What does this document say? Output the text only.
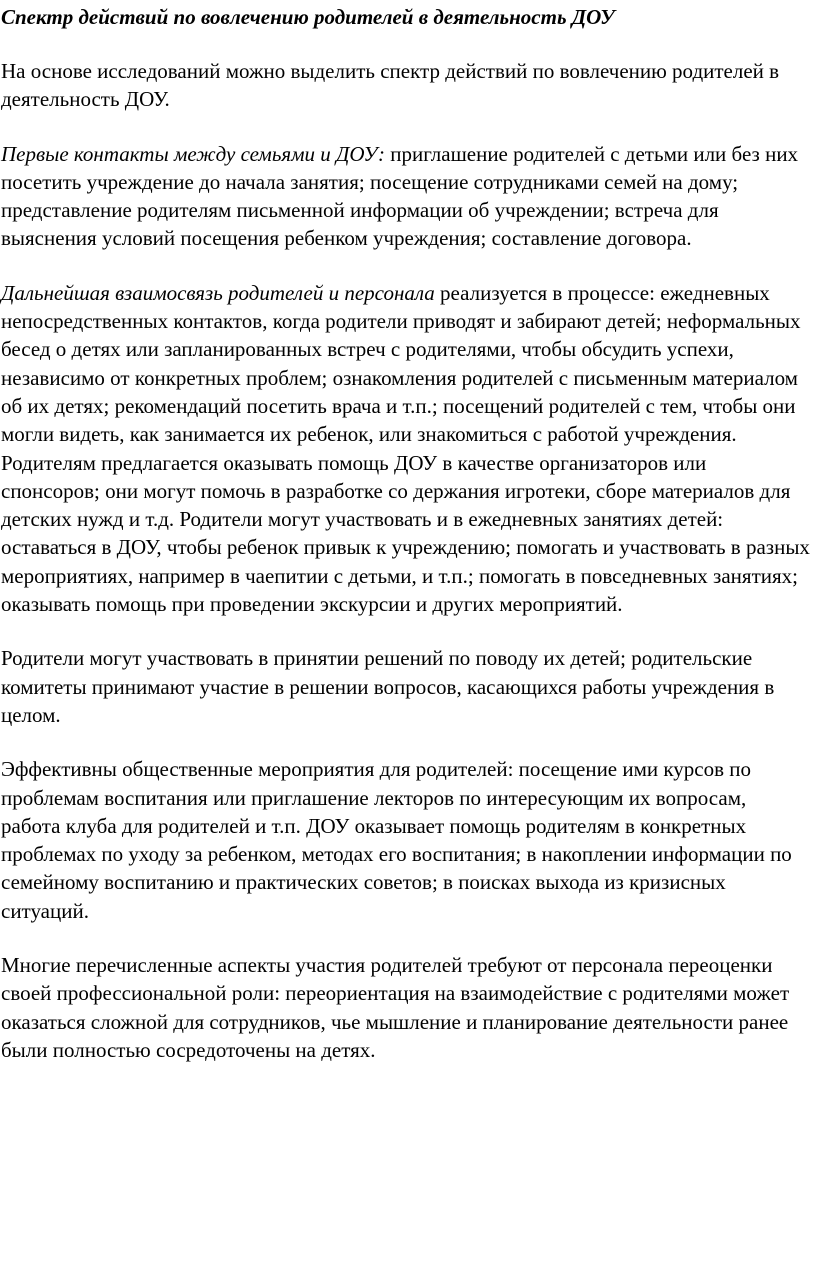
Спектр действий по вовлечению родителей в деятельность ДОУ

На основе исследований можно выделить спектр действий по вовлечению родителей в деятельность ДОУ.

Первые контакты между семьями и ДОУ: приглашение родителей с детьми или без них посетить учреждение до начала занятия; посещение сотрудниками семей на дому; представление родителям письменной информации об учреждении; встреча для выяснения условий посещения ребенком учреждения; составление договора.

Дальнейшая взаимосвязь родителей и персонала реализуется в процессе: ежедневных непосредственных контактов, когда родители приводят и забирают детей; неформальных бесед о детях или запланированных встреч с родителями, чтобы обсудить успехи, независимо от конкретных проблем; ознакомления родителей с письменным материалом об их детях; рекомендаций посетить врача и т.п.; посещений родителей с тем, чтобы они могли видеть, как занимается их ребенок, или знакомиться с работой учреждения. Родителям предлагается оказывать помощь ДОУ в качестве организаторов или спонсоров; они могут помочь в разработке со держания игротеки, сборе материалов для детских нужд и т.д. Родители могут участвовать и в ежедневных занятиях детей: оставаться в ДОУ, чтобы ребенок привык к учреждению; помогать и участвовать в разных мероприятиях, например в чаепитии с детьми, и т.п.; помогать в повседневных занятиях; оказывать помощь при проведении экскурсии и других мероприятий.

Родители могут участвовать в принятии решений по поводу их детей; родительские комитеты принимают участие в решении вопросов, касающихся работы учреждения в целом.

Эффективны общественные мероприятия для родителей: посещение ими курсов по проблемам воспитания или приглашение лекторов по интересующим их вопросам, работа клуба для родителей и т.п. ДОУ оказывает помощь родителям в конкретных проблемах по уходу за ребенком, методах его воспитания; в накоплении информации по семейному воспитанию и практических советов; в поисках выхода из кризисных ситуаций.

Многие перечисленные аспекты участия родителей требуют от персонала переоценки своей профессиональной роли: переориентация на взаимодействие с родителями может оказаться сложной для сотрудников, чье мышление и планирование деятельности ранее были полностью сосредоточены на детях.
